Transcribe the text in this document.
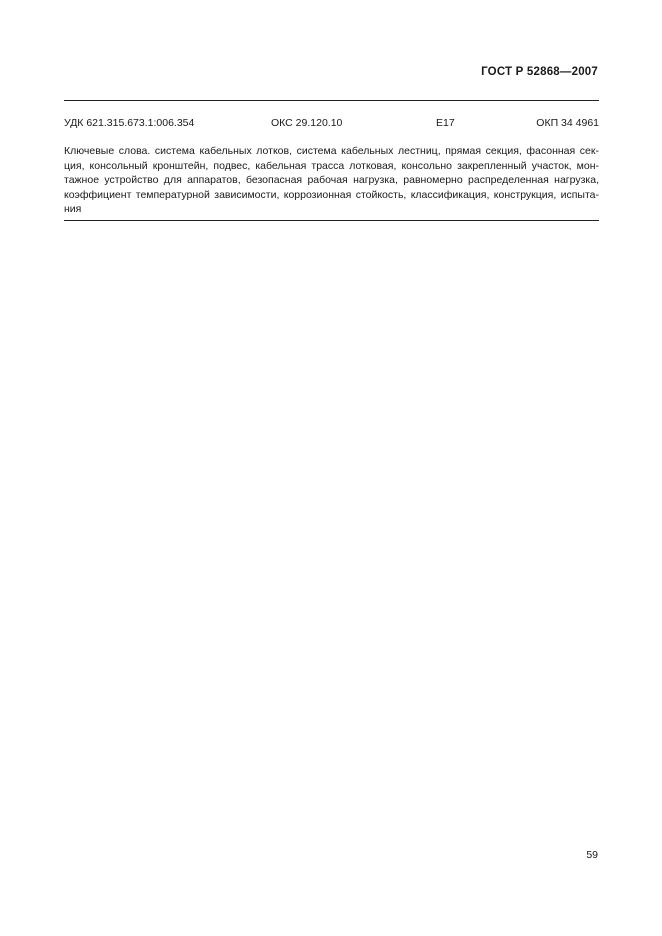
ГОСТ Р 52868—2007
УДК 621.315.673.1:006.354	ОКС 29.120.10	Е17	ОКП 34 4961
Ключевые слова. система кабельных лотков, система кабельных лестниц, прямая секция, фасонная сек-
ция, консольный кронштейн, подвес, кабельная трасса лотковая, консольно закрепленный участок, мон-
тажное устройство для аппаратов, безопасная рабочая нагрузка, равномерно распределенная нагрузка,
коэффициент температурной зависимости, коррозионная стойкость, классификация, конструкция, испыта-
ния
59
